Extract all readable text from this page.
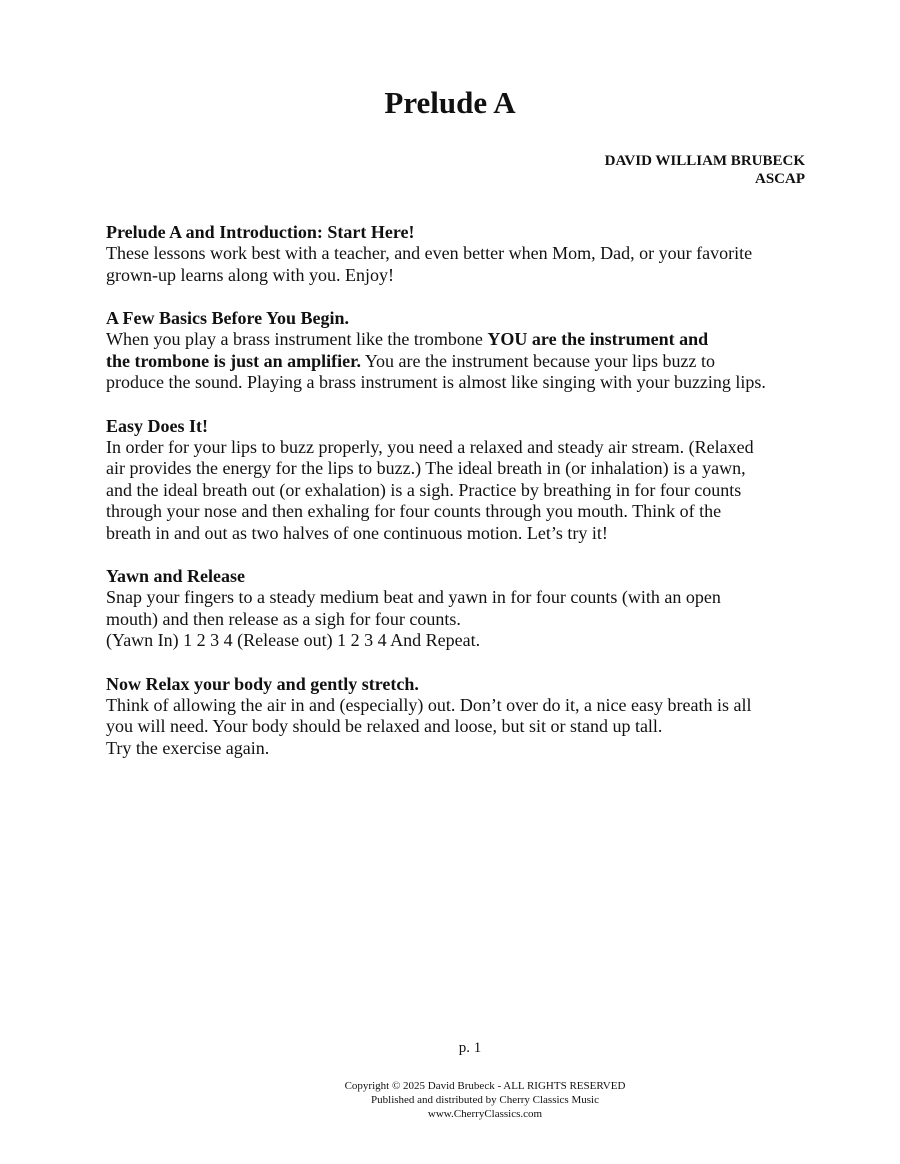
Prelude A
DAVID WILLIAM BRUBECK
ASCAP
Prelude A and Introduction: Start Here!

These lessons work best with a teacher, and even better when Mom, Dad, or your favorite
grown-up learns along with you. Enjoy!

A Few Basics Before You Begin.

When you play a brass instrument like the trombone YOU are the instrument and
the trombone is just an amplifier. You are the instrument because your lips buzz to
produce the sound. Playing a brass instrument is almost like singing with your buzzing lips.

Easy Does It!

In order for your lips to buzz properly, you need a relaxed and steady air stream. (Relaxed
air provides the energy for the lips to buzz.) The ideal breath in (or inhalation) is a yawn,
and the ideal breath out (or exhalation) is a sigh. Practice by breathing in for four counts
through your nose and then exhaling for four counts through you mouth. Think of the
breath in and out as two halves of one continuous motion. Let’s try it!

Yawn and Release

Snap your fingers to a steady medium beat and yawn in for four counts (with an open
mouth) and then release as a sigh for four counts.
(Yawn In) 1 2 3 4 (Release out) 1 2 3 4 And Repeat.

Now Relax your body and gently stretch.

Think of allowing the air in and (especially) out. Don’t over do it, a nice easy breath is all
you will need. Your body should be relaxed and loose, but sit or stand up tall.
Try the exercise again.

p. 1
Copyright © 2025 David Brubeck - ALL RIGHTS RESERVED
Published and distributed by Cherry Classics Music
www.CherryClassics.com
